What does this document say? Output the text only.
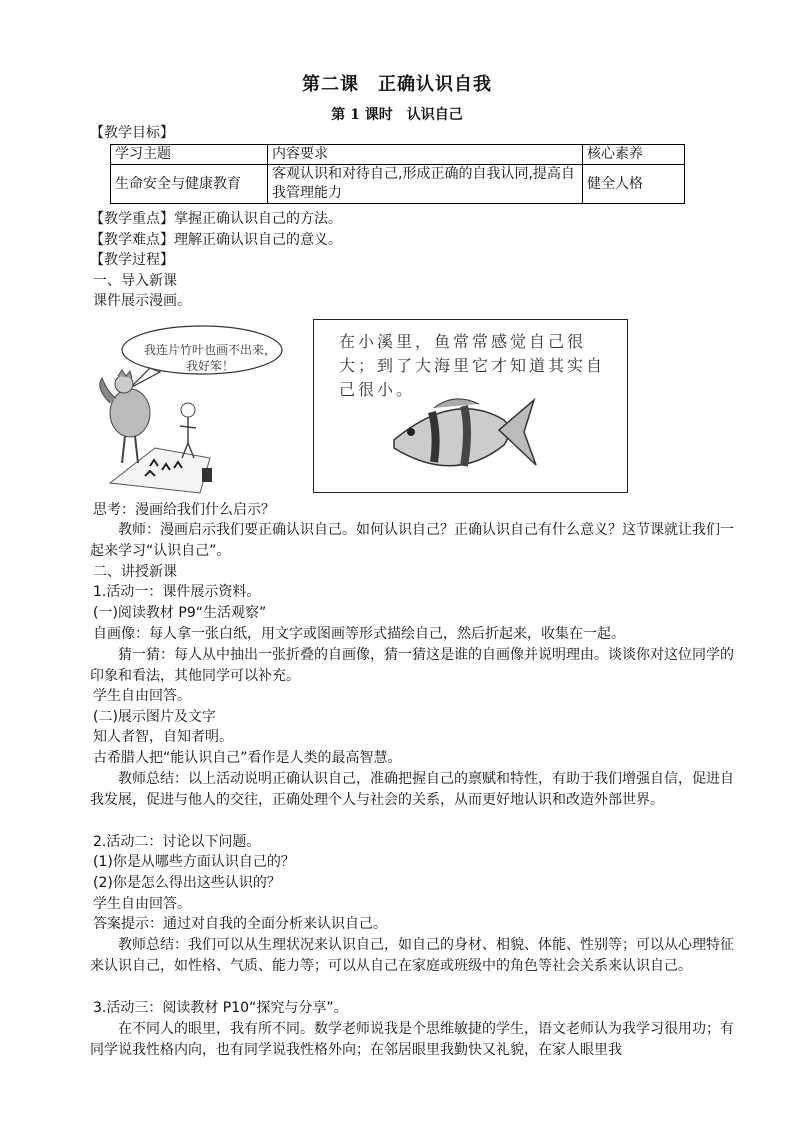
第二课　正确认识自我
第 1 课时　认识自己
【教学目标】
学习主题	内容要求	核心素养
生命安全与健康教育	客观认识和对待自己,形成正确的自我认同,提高自我管理能力	健全人格
【教学重点】掌握正确认识自己的方法。
【教学难点】理解正确认识自己的意义。
【教学过程】
一、导入新课
课件展示漫画。
我连片竹叶也画不出来，我好笨！
在小溪里，鱼常常感觉自己很大；到了大海里它才知道其实自己很小。
思考：漫画给我们什么启示？
教师：漫画启示我们要正确认识自己。如何认识自己？正确认识自己有什么意义？这节课就让我们一起来学习“认识自己”。
二、讲授新课
1.活动一：课件展示资料。
(一)阅读教材 P9“生活观察”
自画像：每人拿一张白纸，用文字或图画等形式描绘自己，然后折起来，收集在一起。
猜一猜：每人从中抽出一张折叠的自画像，猜一猜这是谁的自画像并说明理由。谈谈你对这位同学的印象和看法，其他同学可以补充。
学生自由回答。
(二)展示图片及文字
知人者智，自知者明。
古希腊人把“能认识自己”看作是人类的最高智慧。
教师总结：以上活动说明正确认识自己，准确把握自己的禀赋和特性，有助于我们增强自信，促进自我发展，促进与他人的交往，正确处理个人与社会的关系，从而更好地认识和改造外部世界。
2.活动二：讨论以下问题。
(1)你是从哪些方面认识自己的？
(2)你是怎么得出这些认识的？
学生自由回答。
答案提示：通过对自我的全面分析来认识自己。
教师总结：我们可以从生理状况来认识自己，如自己的身材、相貌、体能、性别等；可以从心理特征来认识自己，如性格、气质、能力等；可以从自己在家庭或班级中的角色等社会关系来认识自己。
3.活动三：阅读教材 P10“探究与分享”。
在不同人的眼里，我有所不同。数学老师说我是个思维敏捷的学生，语文老师认为我学习很用功；有同学说我性格内向，也有同学说我性格外向；在邻居眼里我勤快又礼貌，在家人眼里我
